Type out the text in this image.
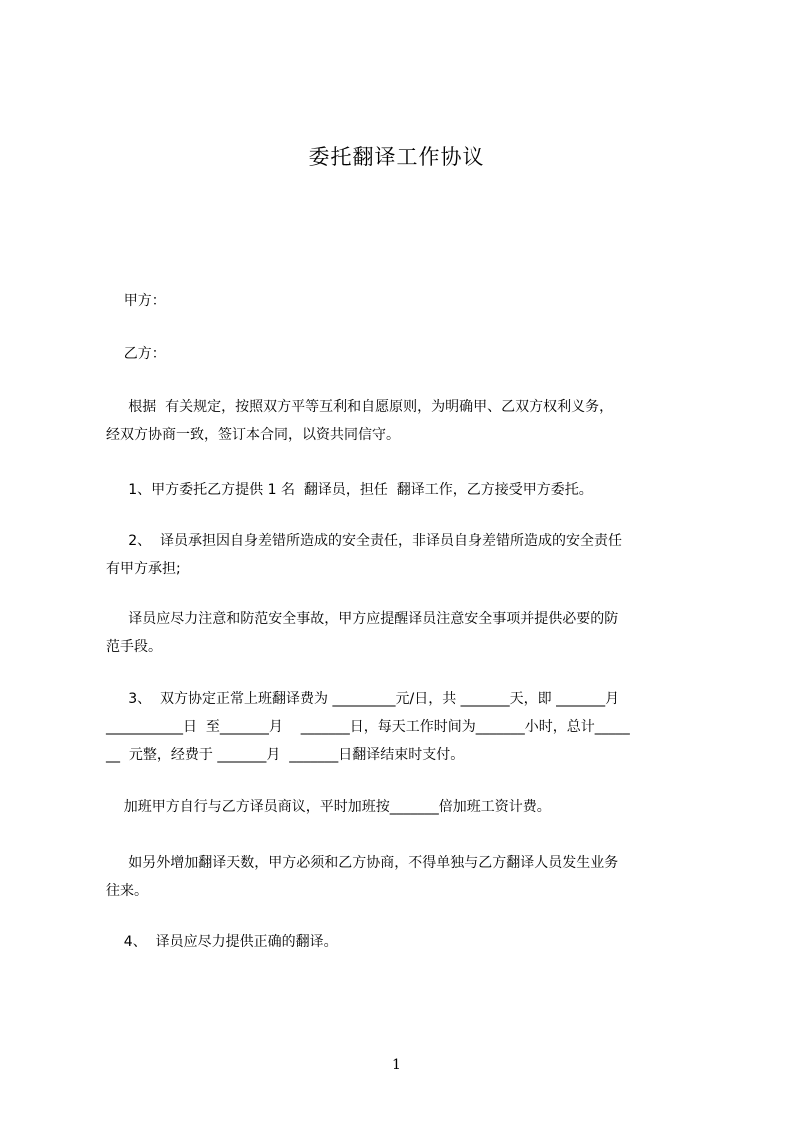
委托翻译工作协议

甲方：

乙方：

根据  有关规定，按照双方平等互利和自愿原则，为明确甲、乙双方权利义务，

经双方协商一致，签订本合同，以资共同信守。

1、甲方委托乙方提供 1 名  翻译员，担任  翻译工作，乙方接受甲方委托。

2、  译员承担因自身差错所造成的安全责任，非译员自身差错所造成的安全责任

有甲方承担;

译员应尽力注意和防范安全事故，甲方应提醒译员注意安全事项并提供必要的防

范手段。

3、  双方协定正常上班翻译费为 _________元/日，共 _______天，即 _______月

___________日  至_______月    _______日，每天工作时间为_______小时，总计_____

__  元整，经费于 _______月  _______日翻译结束时支付。

加班甲方自行与乙方译员商议，平时加班按_______倍加班工资计费。

如另外增加翻译天数，甲方必须和乙方协商，不得单独与乙方翻译人员发生业务

往来。

4、  译员应尽力提供正确的翻译。

1
